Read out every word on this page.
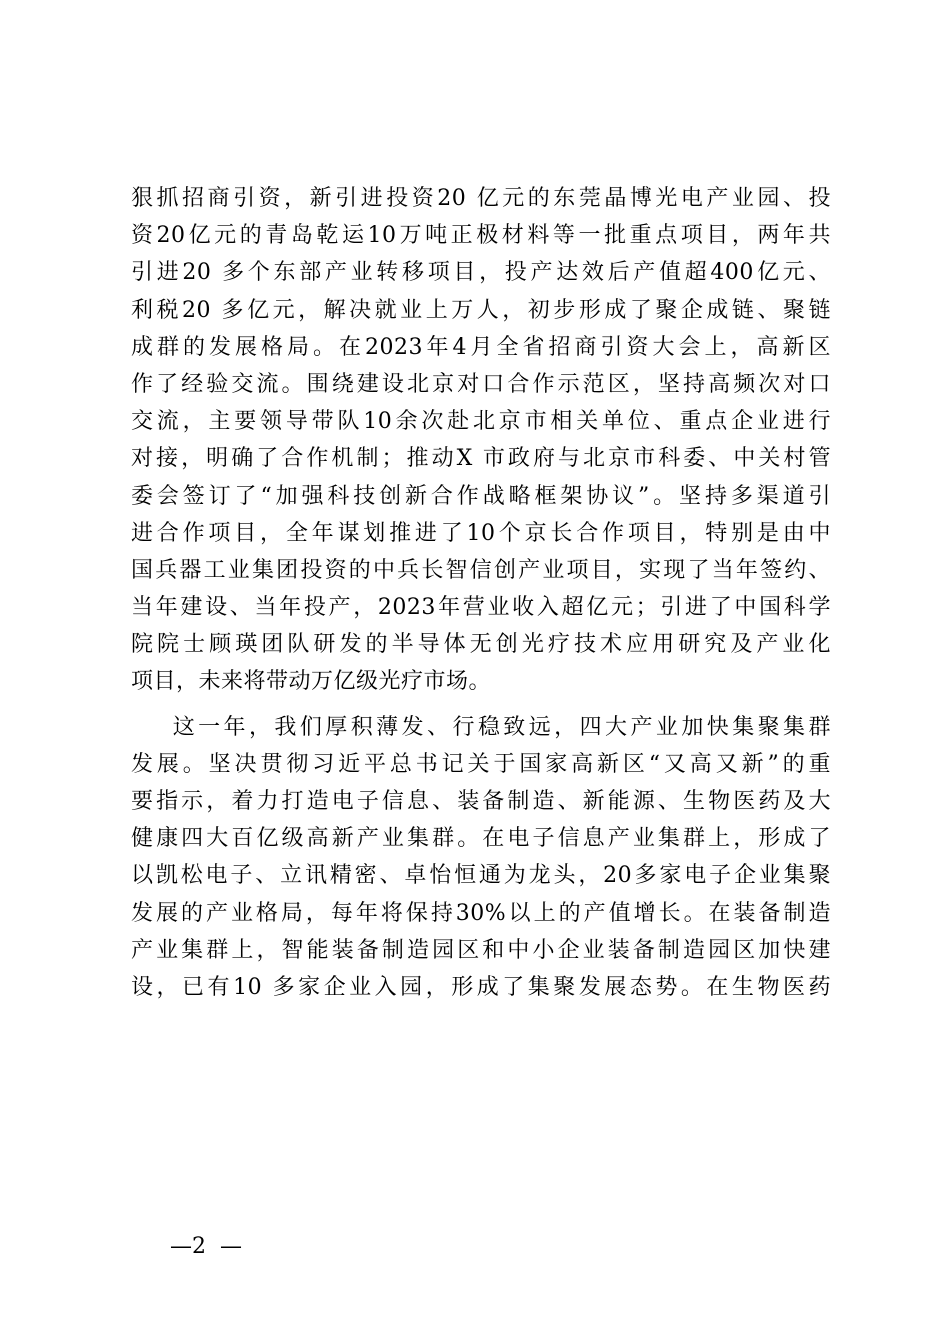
狠抓招商引资，新引进投资20 亿元的东莞晶博光电产业园、投
资20亿元的青岛乾运10万吨正极材料等一批重点项目，两年共
引进20 多个东部产业转移项目，投产达效后产值超400亿元、
利税20 多亿元，解决就业上万人，初步形成了聚企成链、聚链
成群的发展格局。在2023年4月全省招商引资大会上，高新区
作了经验交流。围绕建设北京对口合作示范区，坚持高频次对口
交流，主要领导带队10余次赴北京市相关单位、重点企业进行
对接，明确了合作机制；推动X 市政府与北京市科委、中关村管
委会签订了“加强科技创新合作战略框架协议”。坚持多渠道引
进合作项目，全年谋划推进了10个京长合作项目，特别是由中
国兵器工业集团投资的中兵长智信创产业项目，实现了当年签约、
当年建设、当年投产，2023年营业收入超亿元；引进了中国科学
院院士顾瑛团队研发的半导体无创光疗技术应用研究及产业化
项目，未来将带动万亿级光疗市场。
这一年，我们厚积薄发、行稳致远，四大产业加快集聚集群
发展。坚决贯彻习近平总书记关于国家高新区“又高又新”的重
要指示，着力打造电子信息、装备制造、新能源、生物医药及大
健康四大百亿级高新产业集群。在电子信息产业集群上，形成了
以凯松电子、立讯精密、卓怡恒通为龙头，20多家电子企业集聚
发展的产业格局，每年将保持30%以上的产值增长。在装备制造
产业集群上，智能装备制造园区和中小企业装备制造园区加快建
设，已有10 多家企业入园，形成了集聚发展态势。在生物医药
—2  —
